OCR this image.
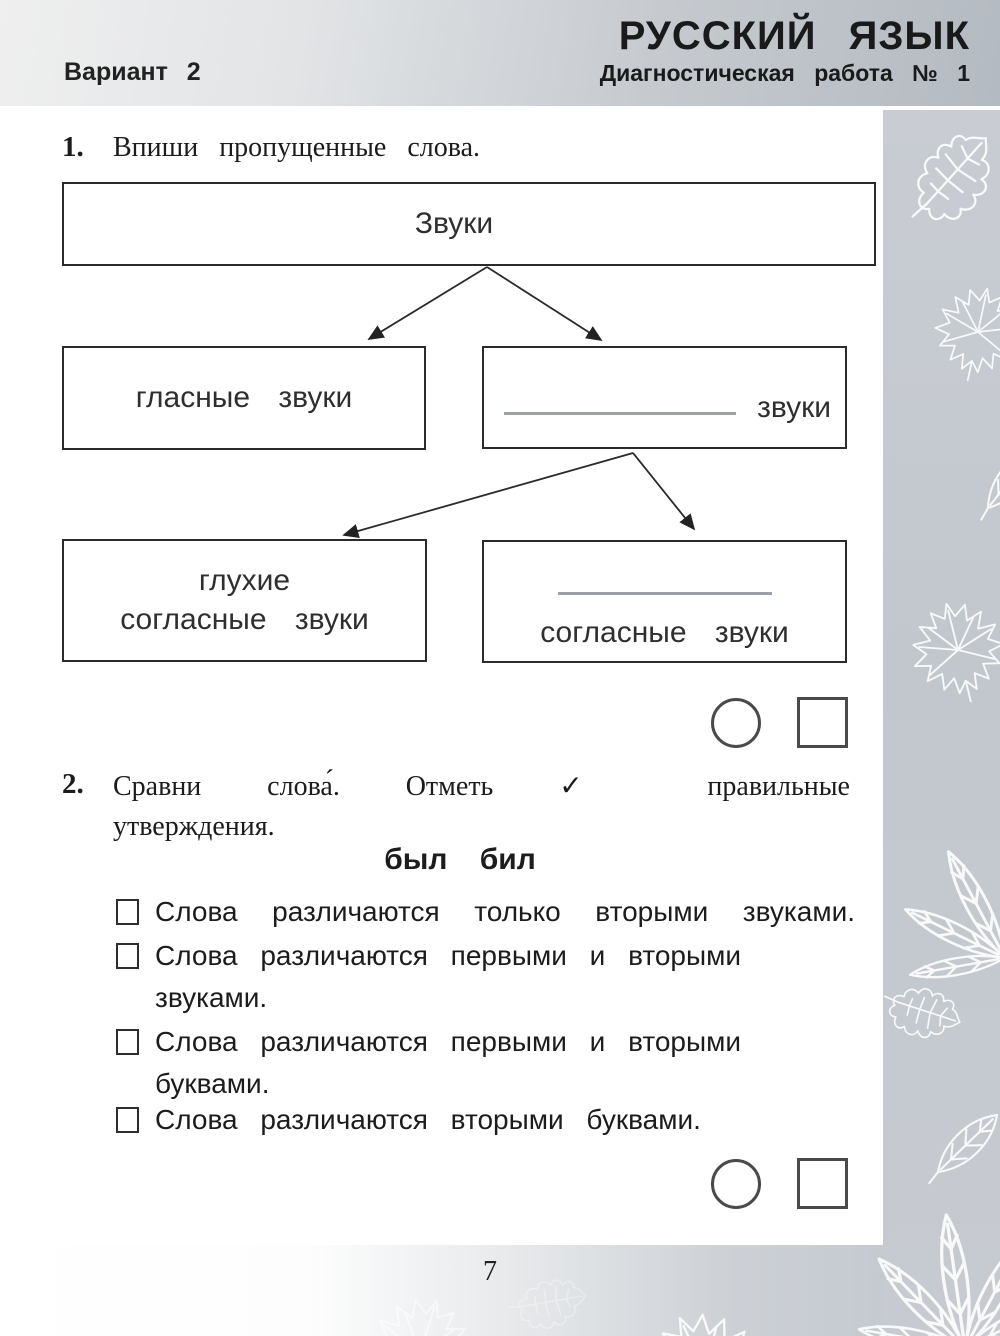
Вариант 2
РУССКИЙ ЯЗЫК
Диагностическая работа № 1
1. Впиши пропущенные слова.
Звуки
гласные звуки	звуки
глухие
согласные звуки	согласные звуки
2. Сравни слова́. Отметь ✓ правильные
утверждения.
был бил
Слова различаются только вторыми звуками.
Слова различаются первыми и вторыми
звуками.
Слова различаются первыми и вторыми
буквами.
Слова различаются вторыми буквами.
7
